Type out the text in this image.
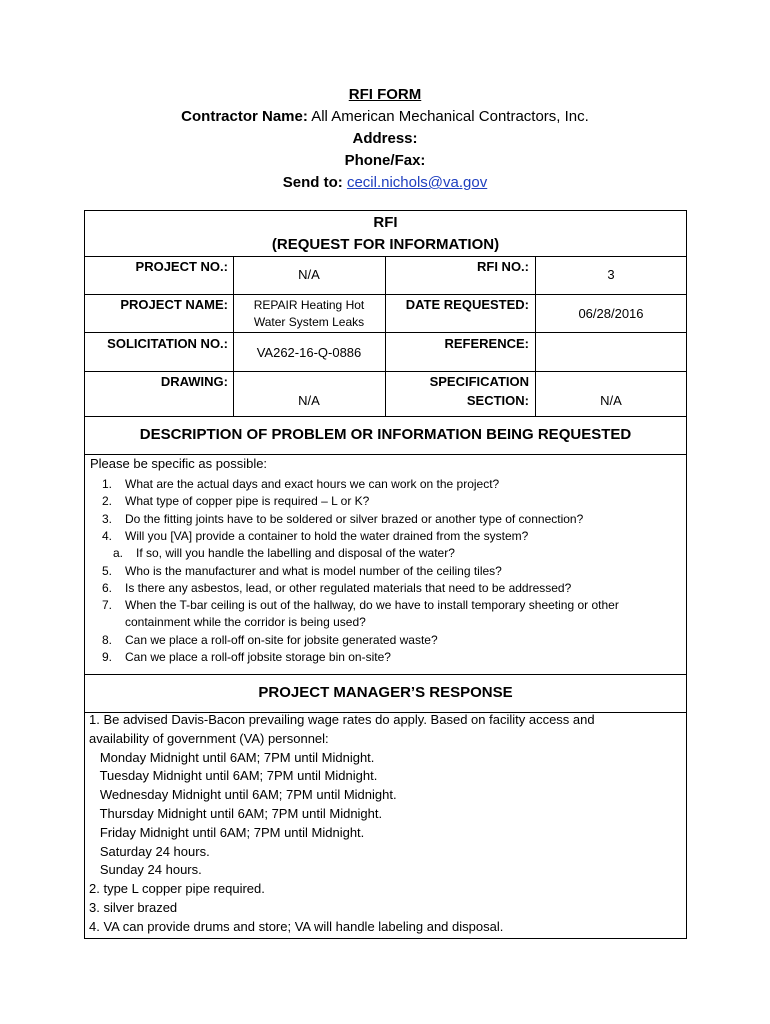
RFI FORM
Contractor Name: All American Mechanical Contractors, Inc.
Address:
Phone/Fax:
Send to: cecil.nichols@va.gov
RFI
(REQUEST FOR INFORMATION)
PROJECT NO.:
N/A
RFI NO.:
3
PROJECT NAME:	REPAIR Heating Hot
Water System Leaks
DATE REQUESTED:
06/28/2016
SOLICITATION NO.:
VA262-16-Q-0886
REFERENCE:
DRAWING:
N/A
SPECIFICATION
SECTION:	N/A
DESCRIPTION OF PROBLEM OR INFORMATION BEING REQUESTED
Please be specific as possible:
1. What are the actual days and exact hours we can work on the project?
2. What type of copper pipe is required – L or K?
3. Do the fitting joints have to be soldered or silver brazed or another type of connection?
4. Will you [VA] provide a container to hold the water drained from the system?
a. If so, will you handle the labelling and disposal of the water?
5. Who is the manufacturer and what is model number of the ceiling tiles?
6. Is there any asbestos, lead, or other regulated materials that need to be addressed?
7. When the T-bar ceiling is out of the hallway, do we have to install temporary sheeting or other
containment while the corridor is being used?
8. Can we place a roll-off on-site for jobsite generated waste?
9. Can we place a roll-off jobsite storage bin on-site?
PROJECT MANAGER’S RESPONSE
1. Be advised Davis-Bacon prevailing wage rates do apply. Based on facility access and
availability of government (VA) personnel:
Monday Midnight until 6AM; 7PM until Midnight.
Tuesday Midnight until 6AM; 7PM until Midnight.
Wednesday Midnight until 6AM; 7PM until Midnight.
Thursday Midnight until 6AM; 7PM until Midnight.
Friday Midnight until 6AM; 7PM until Midnight.
Saturday 24 hours.
Sunday 24 hours.
2. type L copper pipe required.
3. silver brazed
4. VA can provide drums and store; VA will handle labeling and disposal.
